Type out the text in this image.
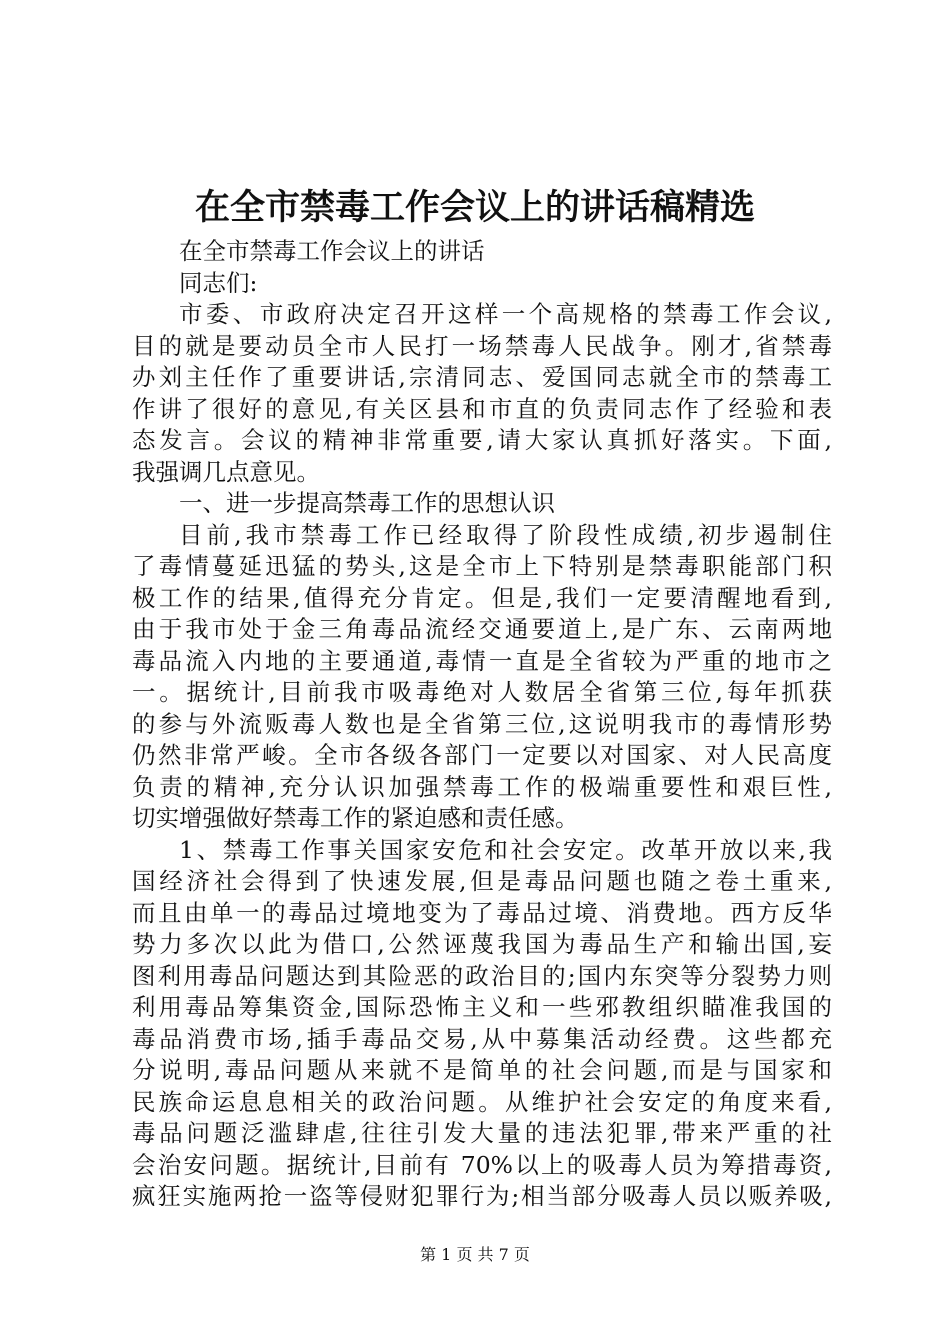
在全市禁毒工作会议上的讲话稿精选
在全市禁毒工作会议上的讲话
同志们:
市委、市政府决定召开这样一个高规格的禁毒工作会议,
目的就是要动员全市人民打一场禁毒人民战争。刚才,省禁毒
办刘主任作了重要讲话,宗清同志、爱国同志就全市的禁毒工
作讲了很好的意见,有关区县和市直的负责同志作了经验和表
态发言。会议的精神非常重要,请大家认真抓好落实。下面,
我强调几点意见。
一、进一步提高禁毒工作的思想认识
目前,我市禁毒工作已经取得了阶段性成绩,初步遏制住
了毒情蔓延迅猛的势头,这是全市上下特别是禁毒职能部门积
极工作的结果,值得充分肯定。但是,我们一定要清醒地看到,
由于我市处于金三角毒品流经交通要道上,是广东、云南两地
毒品流入内地的主要通道,毒情一直是全省较为严重的地市之
一。据统计,目前我市吸毒绝对人数居全省第三位,每年抓获
的参与外流贩毒人数也是全省第三位,这说明我市的毒情形势
仍然非常严峻。全市各级各部门一定要以对国家、对人民高度
负责的精神,充分认识加强禁毒工作的极端重要性和艰巨性,
切实增强做好禁毒工作的紧迫感和责任感。
1、禁毒工作事关国家安危和社会安定。改革开放以来,我
国经济社会得到了快速发展,但是毒品问题也随之卷土重来,
而且由单一的毒品过境地变为了毒品过境、消费地。西方反华
势力多次以此为借口,公然诬蔑我国为毒品生产和输出国,妄
图利用毒品问题达到其险恶的政治目的;国内东突等分裂势力则
利用毒品筹集资金,国际恐怖主义和一些邪教组织瞄准我国的
毒品消费市场,插手毒品交易,从中募集活动经费。这些都充
分说明,毒品问题从来就不是简单的社会问题,而是与国家和
民族命运息息相关的政治问题。从维护社会安定的角度来看,
毒品问题泛滥肆虐,往往引发大量的违法犯罪,带来严重的社
会治安问题。据统计,目前有 70%以上的吸毒人员为筹措毒资,
疯狂实施两抢一盗等侵财犯罪行为;相当部分吸毒人员以贩养吸,
第 1 页 共 7 页
